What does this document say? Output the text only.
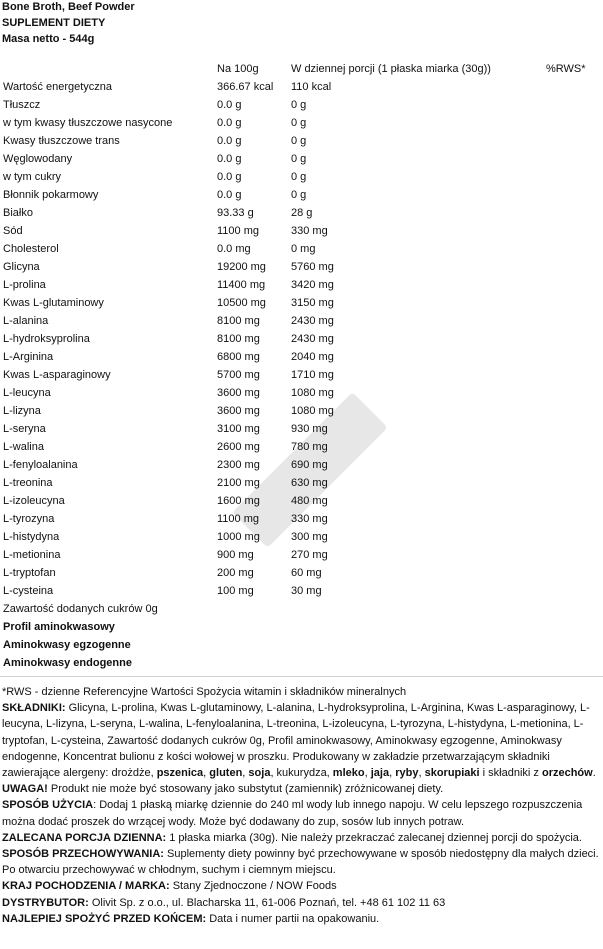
Bone Broth, Beef Powder
SUPLEMENT DIETY
Masa netto - 544g
	Na 100g	W dziennej porcji (1 płaska miarka (30g))	%RWS*
Wartość energetyczna	366.67 kcal	110 kcal	
Tłuszcz	0.0 g	0 g	
w tym kwasy tłuszczowe nasycone	0.0 g	0 g	
Kwasy tłuszczowe trans	0.0 g	0 g	
Węglowodany	0.0 g	0 g	
w tym cukry	0.0 g	0 g	
Błonnik pokarmowy	0.0 g	0 g	
Białko	93.33 g	28 g	
Sód	1100 mg	330 mg	
Cholesterol	0.0 mg	0 mg	
Glicyna	19200 mg	5760 mg	
L-prolina	11400 mg	3420 mg	
Kwas L-glutaminowy	10500 mg	3150 mg	
L-alanina	8100 mg	2430 mg	
L-hydroksyprolina	8100 mg	2430 mg	
L-Arginina	6800 mg	2040 mg	
Kwas L-asparaginowy	5700 mg	1710 mg	
L-leucyna	3600 mg	1080 mg	
L-lizyna	3600 mg	1080 mg	
L-seryna	3100 mg	930 mg	
L-walina	2600 mg	780 mg	
L-fenyloalanina	2300 mg	690 mg	
L-treonina	2100 mg	630 mg	
L-izoleucyna	1600 mg	480 mg	
L-tyrozyna	1100 mg	330 mg	
L-histydyna	1000 mg	300 mg	
L-metionina	900 mg	270 mg	
L-tryptofan	200 mg	60 mg	
L-cysteina	100 mg	30 mg	
Zawartość dodanych cukrów 0g			
Profil aminokwasowy			
Aminokwasy egzogenne			
Aminokwasy endogenne			

*RWS - dzienne Referencyjne Wartości Spożycia witamin i składników mineralnych

SKŁADNIKI: Glicyna, L-prolina, Kwas L-glutaminowy, L-alanina, L-hydroksyprolina, L-Arginina, Kwas L-asparaginowy, L-leucyna, L-lizyna, L-seryna, L-walina, L-fenyloalanina, L-treonina, L-izoleucyna, L-tyrozyna, L-histydyna, L-metionina, L-tryptofan, L-cysteina, Zawartość dodanych cukrów 0g, Profil aminokwasowy, Aminokwasy egzogenne, Aminokwasy endogenne, Koncentrat bulionu z kości wołowej w proszku. Produkowany w zakładzie przetwarzającym składniki zawierające alergeny: drożdże, pszenica, gluten, soja, kukurydza, mleko, jaja, ryby, skorupiaki i składniki z orzechów.

UWAGA! Produkt nie może być stosowany jako substytut (zamiennik) zróżnicowanej diety.

SPOSÓB UŻYCIA: Dodaj 1 płaską miarkę dziennie do 240 ml wody lub innego napoju. W celu lepszego rozpuszczenia można dodać proszek do wrzącej wody. Może być dodawany do zup, sosów lub innych potraw.

ZALECANA PORCJA DZIENNA: 1 płaska miarka (30g). Nie należy przekraczać zalecanej dziennej porcji do spożycia.

SPOSÓB PRZECHOWYWANIA: Suplementy diety powinny być przechowywane w sposób niedostępny dla małych dzieci. Po otwarciu przechowywać w chłodnym, suchym i ciemnym miejscu.

KRAJ POCHODZENIA / MARKA: Stany Zjednoczone / NOW Foods

DYSTRYBUTOR: Olivit Sp. z o.o., ul. Blacharska 11, 61-006 Poznań, tel. +48 61 102 11 63

NAJLEPIEJ SPOŻYĆ PRZED KOŃCEM: Data i numer partii na opakowaniu.
